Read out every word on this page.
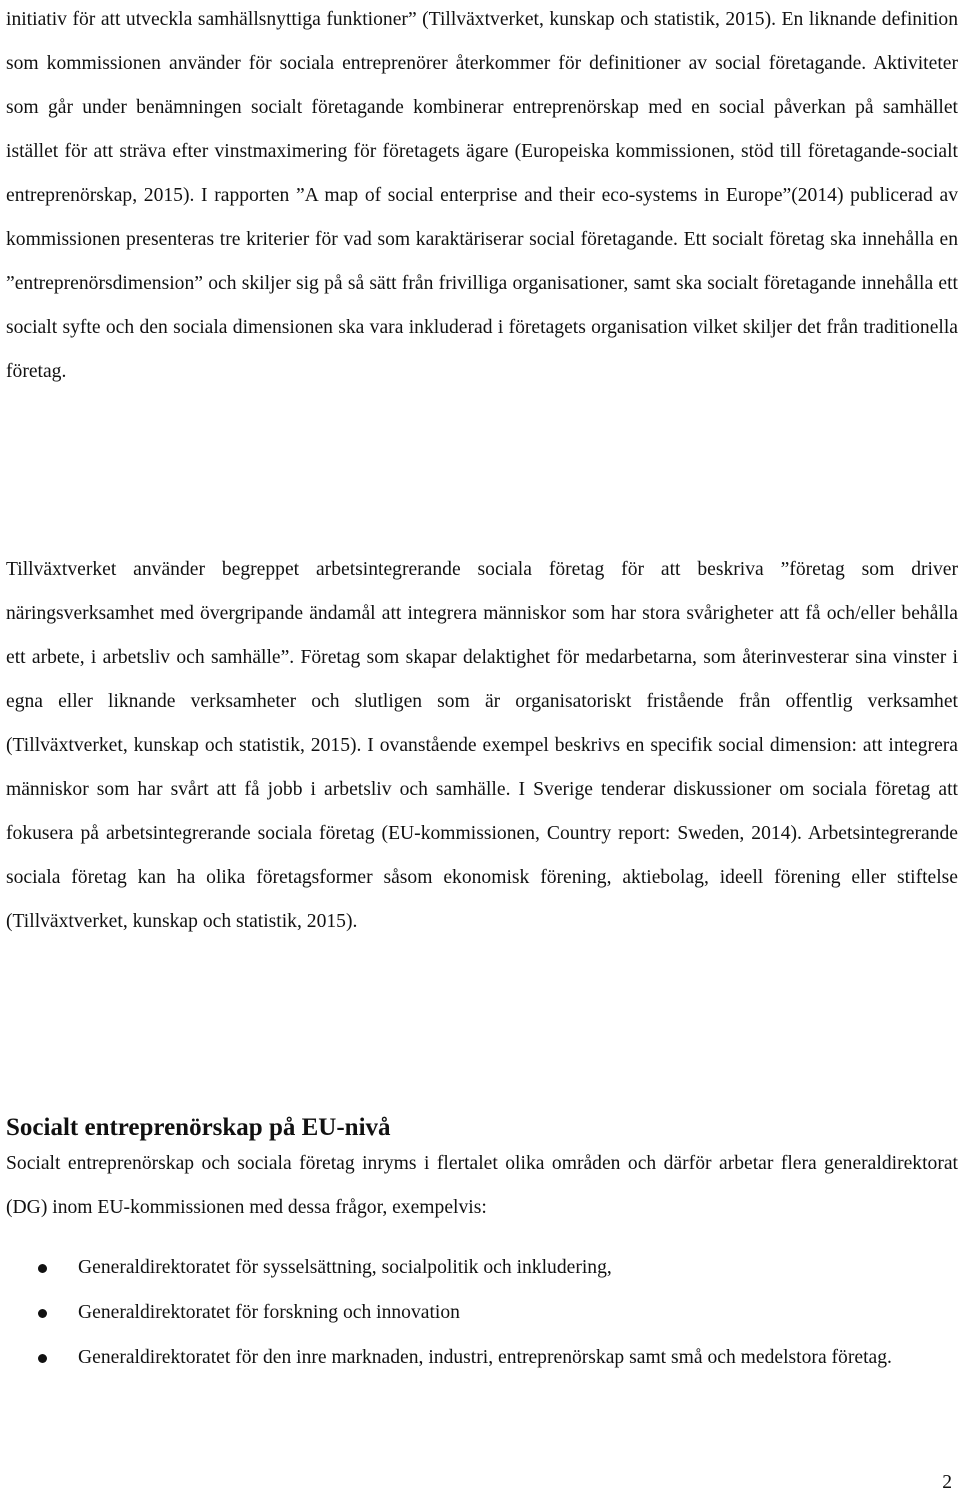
initiativ för att utveckla samhällsnyttiga funktioner” (Tillväxtverket, kunskap och statistik, 2015). En liknande definition som kommissionen använder för sociala entreprenörer återkommer för definitioner av social företagande. Aktiviteter som går under benämningen socialt företagande kombinerar entreprenörskap med en social påverkan på samhället istället för att sträva efter vinstmaximering för företagets ägare (Europeiska kommissionen, stöd till företagande-socialt entreprenörskap, 2015). I rapporten ”A map of social enterprise and their eco-systems in Europe”(2014) publicerad av kommissionen presenteras tre kriterier för vad som karaktäriserar social företagande. Ett socialt företag ska innehålla en ”entreprenörsdimension” och skiljer sig på så sätt från frivilliga organisationer, samt ska socialt företagande innehålla ett socialt syfte och den sociala dimensionen ska vara inkluderad i företagets organisation vilket skiljer det från traditionella företag.

Tillväxtverket använder begreppet arbetsintegrerande sociala företag för att beskriva ”företag som driver näringsverksamhet med övergripande ändamål att integrera människor som har stora svårigheter att få och/eller behålla ett arbete, i arbetsliv och samhälle”. Företag som skapar delaktighet för medarbetarna, som återinvesterar sina vinster i egna eller liknande verksamheter och slutligen som är organisatoriskt fristående från offentlig verksamhet (Tillväxtverket, kunskap och statistik, 2015). I ovanstående exempel beskrivs en specifik social dimension: att integrera människor som har svårt att få jobb i arbetsliv och samhälle. I Sverige tenderar diskussioner om sociala företag att fokusera på arbetsintegrerande sociala företag (EU-kommissionen, Country report: Sweden, 2014). Arbetsintegrerande sociala företag kan ha olika företagsformer såsom ekonomisk förening, aktiebolag, ideell förening eller stiftelse (Tillväxtverket, kunskap och statistik, 2015).

Socialt entreprenörskap på EU-nivå

Socialt entreprenörskap och sociala företag inryms i flertalet olika områden och därför arbetar flera generaldirektorat (DG) inom EU-kommissionen med dessa frågor, exempelvis:

Generaldirektoratet för sysselsättning, socialpolitik och inkludering,
Generaldirektoratet för forskning och innovation
Generaldirektoratet för den inre marknaden, industri, entreprenörskap samt små och medelstora företag.
2
